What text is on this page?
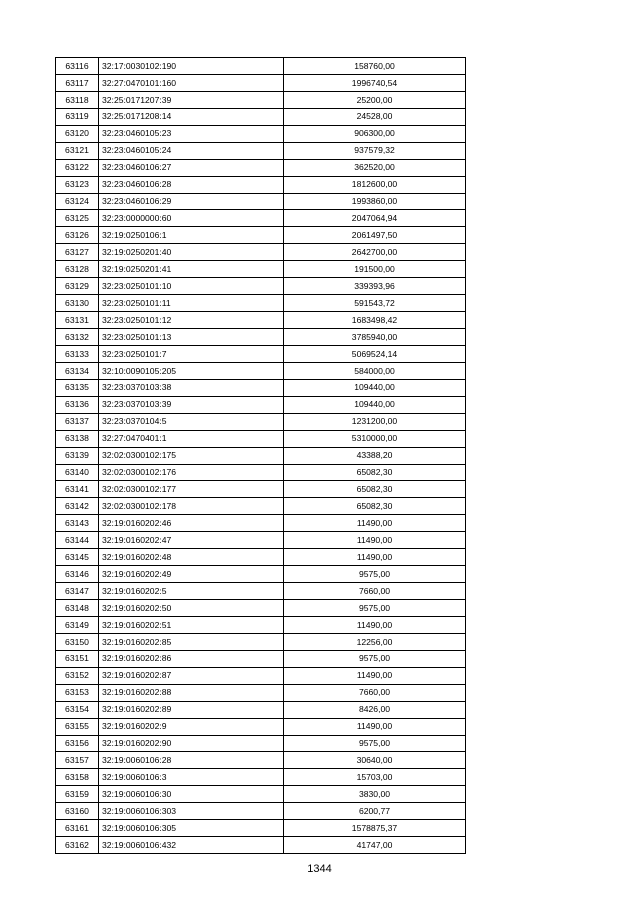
63116	32:17:0030102:190	158760,00
63117	32:27:0470101:160	1996740,54
63118	32:25:0171207:39	25200,00
63119	32:25:0171208:14	24528,00
63120	32:23:0460105:23	906300,00
63121	32:23:0460105:24	937579,32
63122	32:23:0460106:27	362520,00
63123	32:23:0460106:28	1812600,00
63124	32:23:0460106:29	1993860,00
63125	32:23:0000000:60	2047064,94
63126	32:19:0250106:1	2061497,50
63127	32:19:0250201:40	2642700,00
63128	32:19:0250201:41	191500,00
63129	32:23:0250101:10	339393,96
63130	32:23:0250101:11	591543,72
63131	32:23:0250101:12	1683498,42
63132	32:23:0250101:13	3785940,00
63133	32:23:0250101:7	5069524,14
63134	32:10:0090105:205	584000,00
63135	32:23:0370103:38	109440,00
63136	32:23:0370103:39	109440,00
63137	32:23:0370104:5	1231200,00
63138	32:27:0470401:1	5310000,00
63139	32:02:0300102:175	43388,20
63140	32:02:0300102:176	65082,30
63141	32:02:0300102:177	65082,30
63142	32:02:0300102:178	65082,30
63143	32:19:0160202:46	11490,00
63144	32:19:0160202:47	11490,00
63145	32:19:0160202:48	11490,00
63146	32:19:0160202:49	9575,00
63147	32:19:0160202:5	7660,00
63148	32:19:0160202:50	9575,00
63149	32:19:0160202:51	11490,00
63150	32:19:0160202:85	12256,00
63151	32:19:0160202:86	9575,00
63152	32:19:0160202:87	11490,00
63153	32:19:0160202:88	7660,00
63154	32:19:0160202:89	8426,00
63155	32:19:0160202:9	11490,00
63156	32:19:0160202:90	9575,00
63157	32:19:0060106:28	30640,00
63158	32:19:0060106:3	15703,00
63159	32:19:0060106:30	3830,00
63160	32:19:0060106:303	6200,77
63161	32:19:0060106:305	1578875,37
63162	32:19:0060106:432	41747,00
1344
